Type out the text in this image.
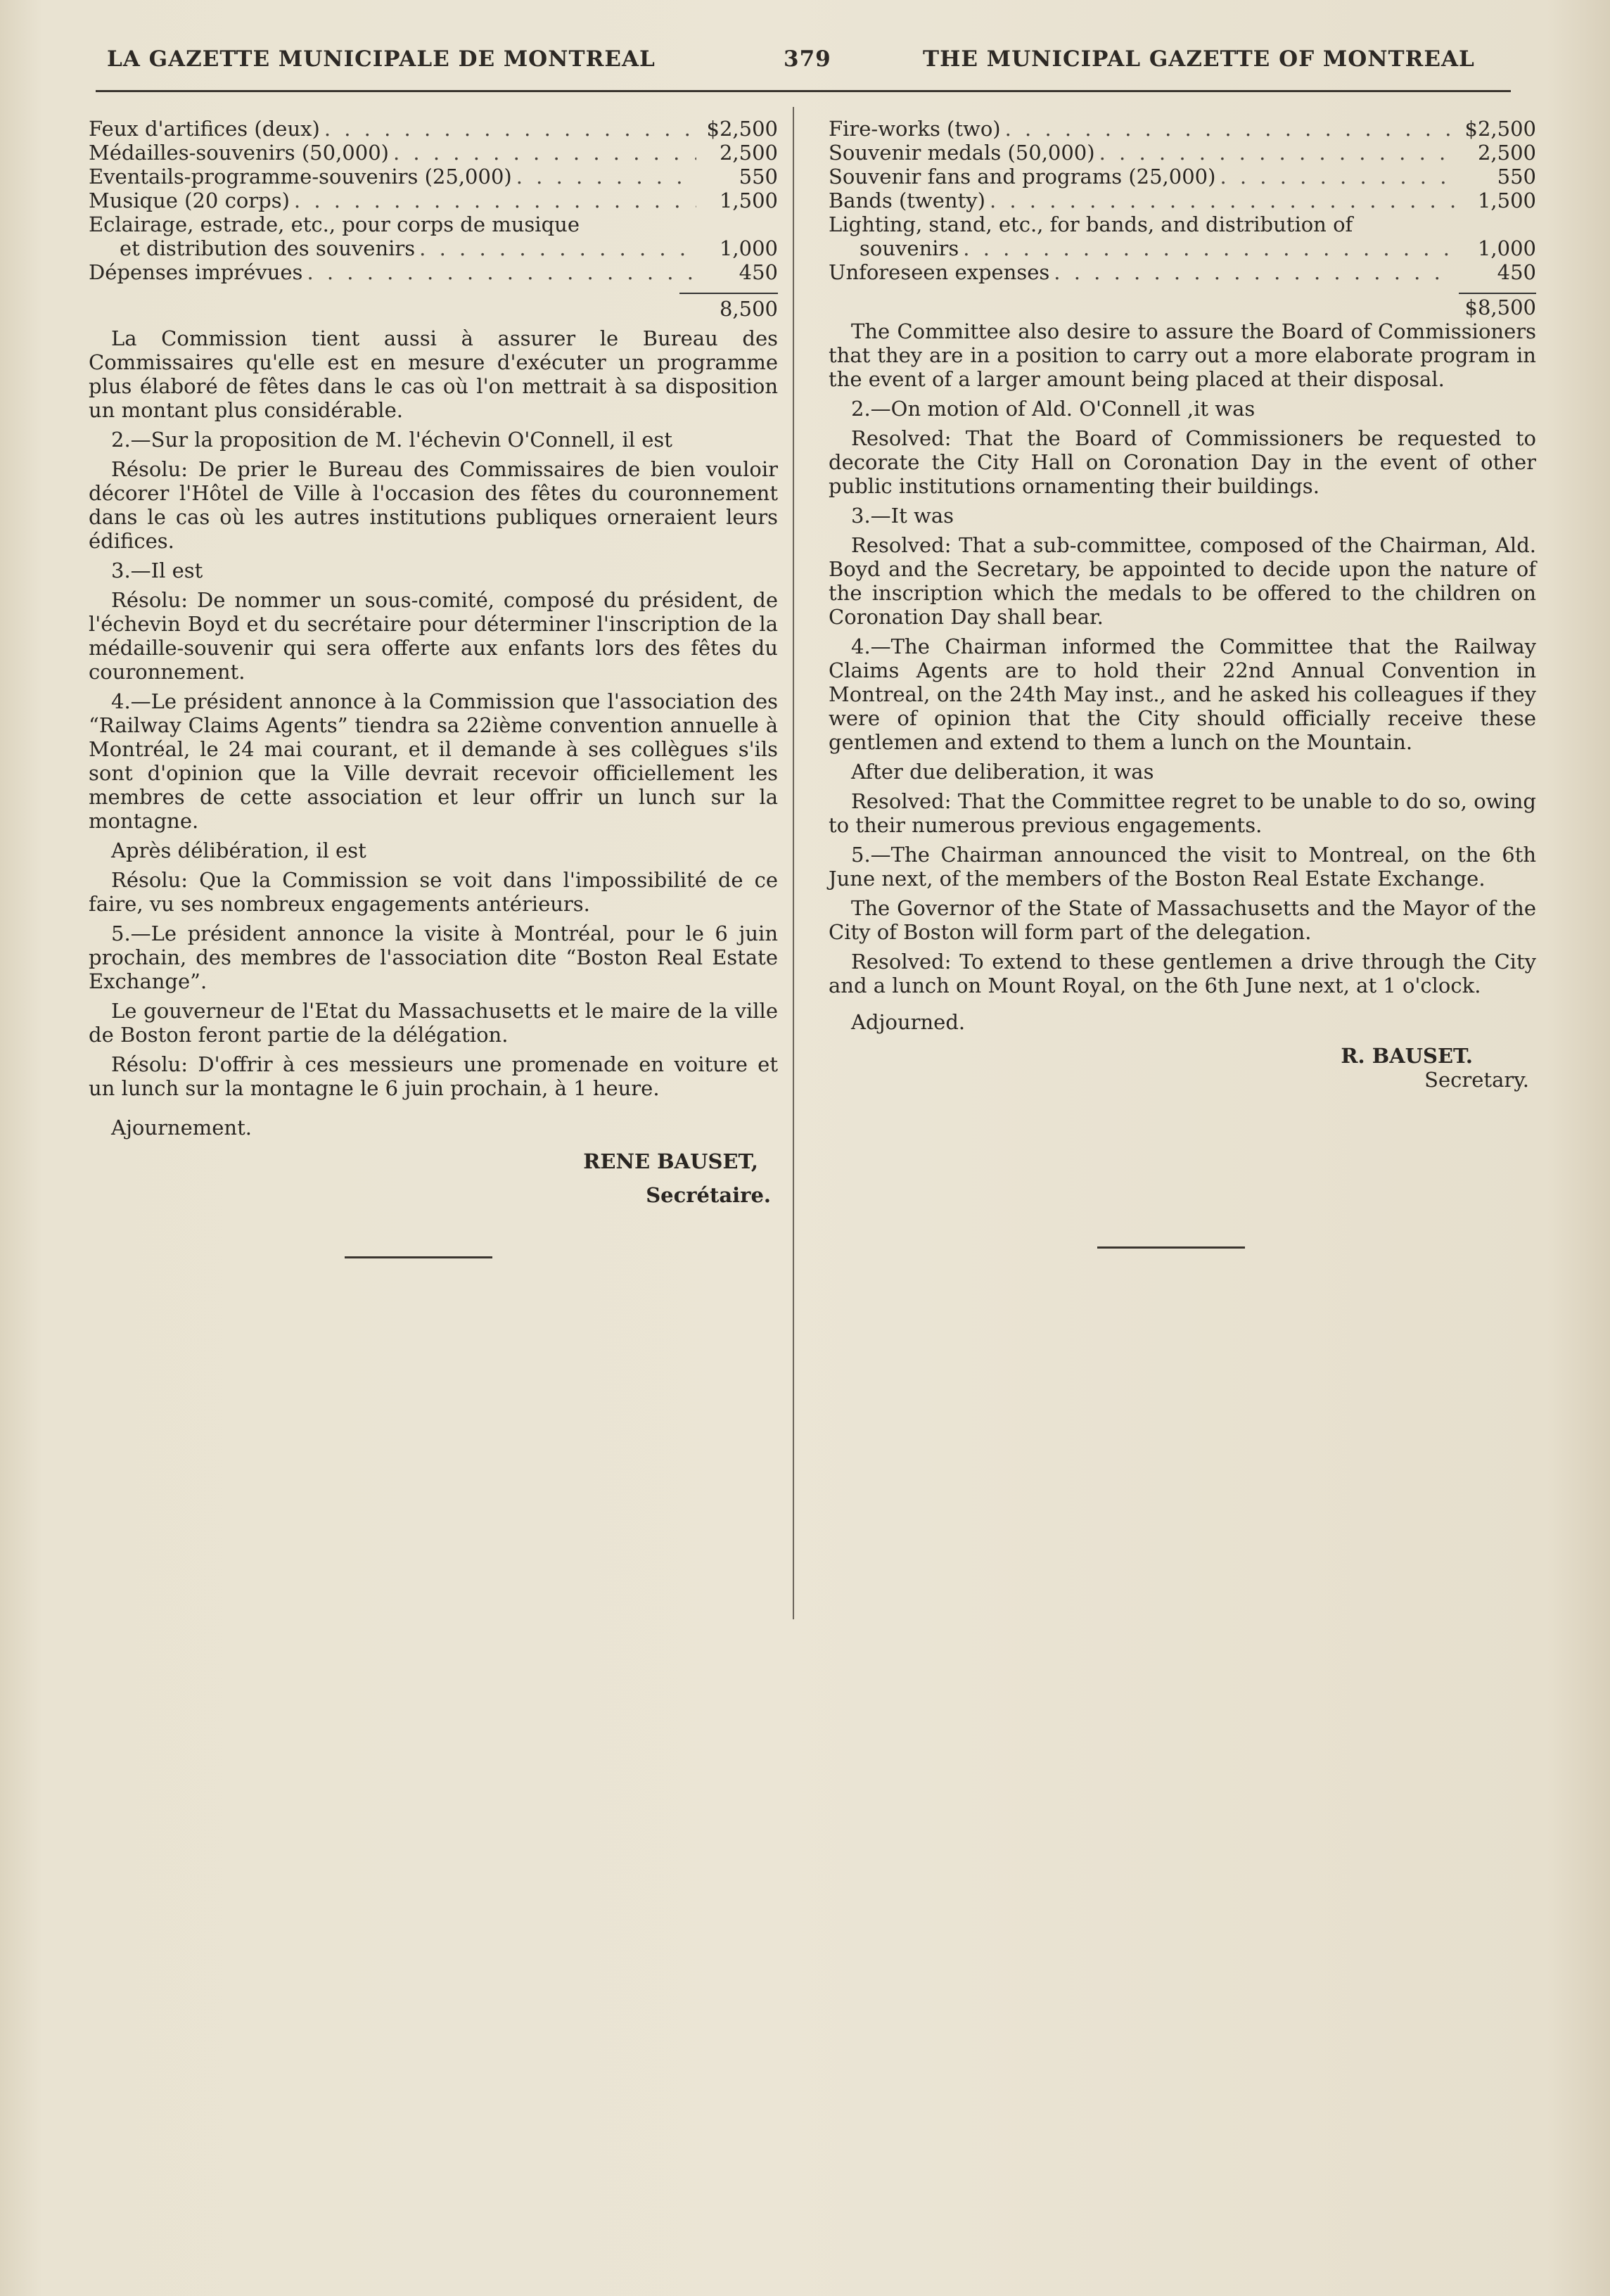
LA GAZETTE MUNICIPALE DE MONTREAL	379	THE MUNICIPAL GAZETTE OF MONTREAL
Feux d'artifices (deux) . . .	$2,500
Médailles-souvenirs (50,000) . . .	2,500
Eventails-programme-souvenirs (25,000) . . .	550
Musique (20 corps) . . .	1,500
Eclairage, estrade, etc., pour corps de musique
et distribution des souvenirs . . .	1,000
Dépenses imprévues . . .	450
8,500

La Commission tient aussi à assurer le Bureau des Commissaires qu'elle est en mesure d'exécuter un programme plus élaboré de fêtes dans le cas où l'on mettrait à sa disposition un montant plus considérable.

2.—Sur la proposition de M. l'échevin O'Connell, il est

Résolu: De prier le Bureau des Commissaires de bien vouloir décorer l'Hôtel de Ville à l'occasion des fêtes du couronnement dans le cas où les autres institutions publiques orneraient leurs édifices.

3.—Il est

Résolu: De nommer un sous-comité, composé du président, de l'échevin Boyd et du secrétaire pour déterminer l'inscription de la médaille-souvenir qui sera offerte aux enfants lors des fêtes du couronnement.

4.—Le président annonce à la Commission que l'association des “Railway Claims Agents” tiendra sa 22ième convention annuelle à Montréal, le 24 mai courant, et il demande à ses collègues s'ils sont d'opinion que la Ville devrait recevoir officiellement les membres de cette association et leur offrir un lunch sur la montagne.

Après délibération, il est

Résolu: Que la Commission se voit dans l'impossibilité de ce faire, vu ses nombreux engagements antérieurs.

5.—Le président annonce la visite à Montréal, pour le 6 juin prochain, des membres de l'association dite “Boston Real Estate Exchange”.

Le gouverneur de l'Etat du Massachusetts et le maire de la ville de Boston feront partie de la délégation.

Résolu: D'offrir à ces messieurs une promenade en voiture et un lunch sur la montagne le 6 juin prochain, à 1 heure.

Ajournement.

RENE BAUSET,
Secrétaire.
Fire-works (two) . . .	$2,500
Souvenir medals (50,000) . . .	2,500
Souvenir fans and programs (25,000) . . .	550
Bands (twenty) . . .	1,500
Lighting, stand, etc., for bands, and distribution of
souvenirs . . .	1,000
Unforeseen expenses . . .	450
$8,500

The Committee also desire to assure the Board of Commissioners that they are in a position to carry out a more elaborate program in the event of a larger amount being placed at their disposal.

2.—On motion of Ald. O'Connell ,it was

Resolved: That the Board of Commissioners be requested to decorate the City Hall on Coronation Day in the event of other public institutions ornamenting their buildings.

3.—It was

Resolved: That a sub-committee, composed of the Chairman, Ald. Boyd and the Secretary, be appointed to decide upon the nature of the inscription which the medals to be offered to the children on Coronation Day shall bear.

4.—The Chairman informed the Committee that the Railway Claims Agents are to hold their 22nd Annual Convention in Montreal, on the 24th May inst., and he asked his colleagues if they were of opinion that the City should officially receive these gentlemen and extend to them a lunch on the Mountain.

After due deliberation, it was

Resolved: That the Committee regret to be unable to do so, owing to their numerous previous engagements.

5.—The Chairman announced the visit to Montreal, on the 6th June next, of the members of the Boston Real Estate Exchange.

The Governor of the State of Massachusetts and the Mayor of the City of Boston will form part of the delegation.

Resolved: To extend to these gentlemen a drive through the City and a lunch on Mount Royal, on the 6th June next, at 1 o'clock.

Adjourned.

R. BAUSET.
Secretary.
